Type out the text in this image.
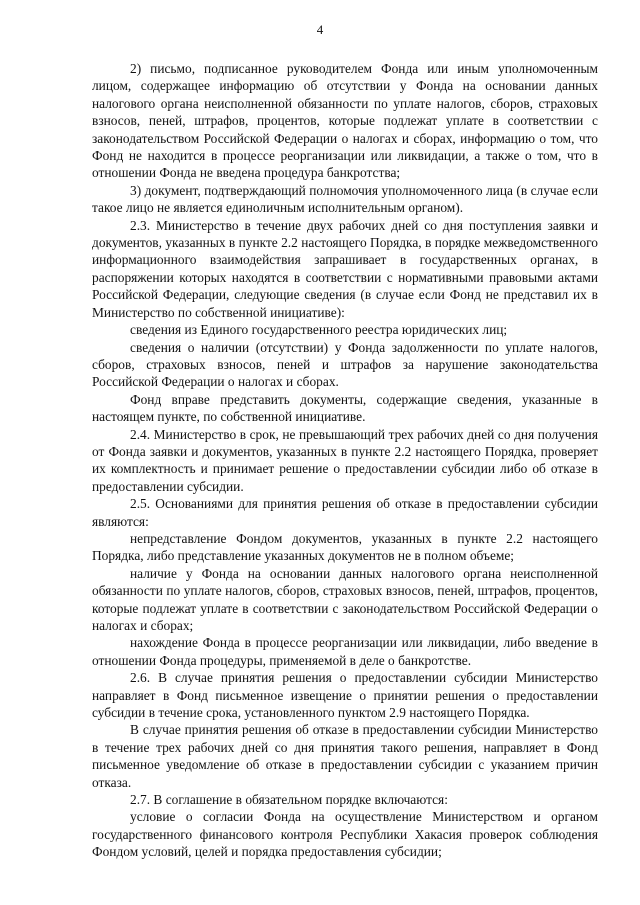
4

2) письмо, подписанное руководителем Фонда или иным уполномоченным лицом, содержащее информацию об отсутствии у Фонда на основании данных налогового органа неисполненной обязанности по уплате налогов, сборов, страховых взносов, пеней, штрафов, процентов, которые подлежат уплате в соответствии с законодательством Российской Федерации о налогах и сборах, информацию о том, что Фонд не находится в процессе реорганизации или ликвидации, а также о том, что в отношении Фонда не введена процедура банкротства;

3) документ, подтверждающий полномочия уполномоченного лица (в случае если такое лицо не является единоличным исполнительным органом).

2.3. Министерство в течение двух рабочих дней со дня поступления заявки и документов, указанных в пункте 2.2 настоящего Порядка, в порядке межведомственного информационного взаимодействия запрашивает в государственных органах, в распоряжении которых находятся в соответствии с нормативными правовыми актами Российской Федерации, следующие сведения (в случае если Фонд не представил их в Министерство по собственной инициативе):

сведения из Единого государственного реестра юридических лиц;

сведения о наличии (отсутствии) у Фонда задолженности по уплате налогов, сборов, страховых взносов, пеней и штрафов за нарушение законодательства Российской Федерации о налогах и сборах.

Фонд вправе представить документы, содержащие сведения, указанные в настоящем пункте, по собственной инициативе.

2.4. Министерство в срок, не превышающий трех рабочих дней со дня получения от Фонда заявки и документов, указанных в пункте 2.2 настоящего Порядка, проверяет их комплектность и принимает решение о предоставлении субсидии либо об отказе в предоставлении субсидии.

2.5. Основаниями для принятия решения об отказе в предоставлении субсидии являются:

непредставление Фондом документов, указанных в пункте 2.2 настоящего Порядка, либо представление указанных документов не в полном объеме;

наличие у Фонда на основании данных налогового органа неисполненной обязанности по уплате налогов, сборов, страховых взносов, пеней, штрафов, процентов, которые подлежат уплате в соответствии с законодательством Российской Федерации о налогах и сборах;

нахождение Фонда в процессе реорганизации или ликвидации, либо введение в отношении Фонда процедуры, применяемой в деле о банкротстве.

2.6. В случае принятия решения о предоставлении субсидии Министерство направляет в Фонд письменное извещение о принятии решения о предоставлении субсидии в течение срока, установленного пунктом 2.9 настоящего Порядка.

В случае принятия решения об отказе в предоставлении субсидии Министерство в течение трех рабочих дней со дня принятия такого решения, направляет в Фонд письменное уведомление об отказе в предоставлении субсидии с указанием причин отказа.

2.7. В соглашение в обязательном порядке включаются:

условие о согласии Фонда на осуществление Министерством и органом государственного финансового контроля Республики Хакасия проверок соблюдения Фондом условий, целей и порядка предоставления субсидии;
